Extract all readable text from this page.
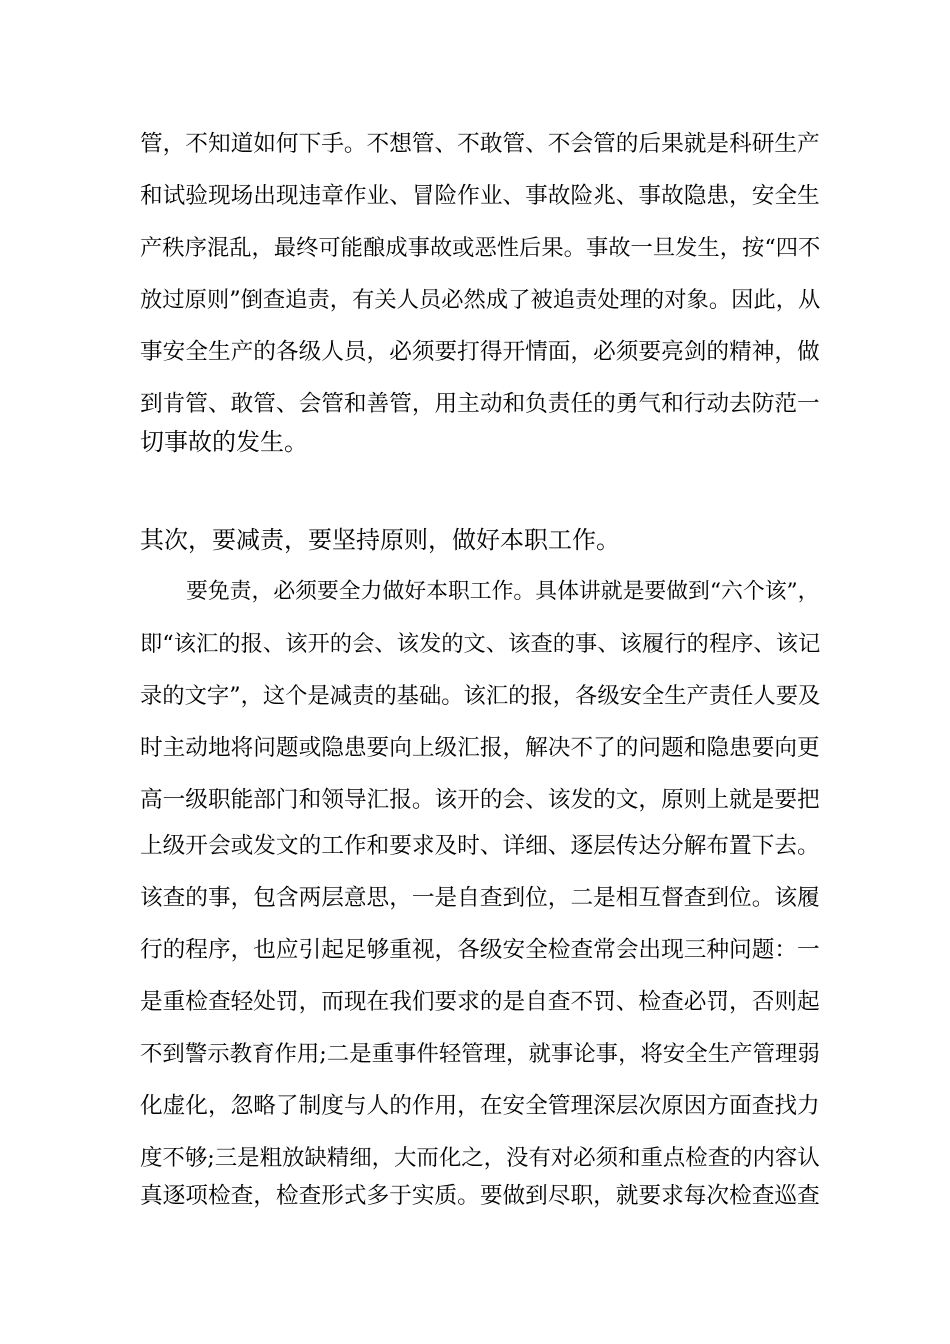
管，不知道如何下手。不想管、不敢管、不会管的后果就是科研生产

和试验现场出现违章作业、冒险作业、事故险兆、事故隐患，安全生

产秩序混乱，最终可能酿成事故或恶性后果。事故一旦发生，按“四不

放过原则”倒查追责，有关人员必然成了被追责处理的对象。因此，从

事安全生产的各级人员，必须要打得开情面，必须要亮剑的精神，做

到肯管、敢管、会管和善管，用主动和负责任的勇气和行动去防范一

切事故的发生。

其次，要减责，要坚持原则，做好本职工作。

要免责，必须要全力做好本职工作。具体讲就是要做到“六个该”，

即“该汇的报、该开的会、该发的文、该查的事、该履行的程序、该记

录的文字”，这个是减责的基础。该汇的报，各级安全生产责任人要及

时主动地将问题或隐患要向上级汇报，解决不了的问题和隐患要向更

高一级职能部门和领导汇报。该开的会、该发的文，原则上就是要把

上级开会或发文的工作和要求及时、详细、逐层传达分解布置下去。

该查的事，包含两层意思，一是自查到位，二是相互督查到位。该履

行的程序，也应引起足够重视，各级安全检查常会出现三种问题：一

是重检查轻处罚，而现在我们要求的是自查不罚、检查必罚，否则起

不到警示教育作用;二是重事件轻管理，就事论事，将安全生产管理弱

化虚化，忽略了制度与人的作用，在安全管理深层次原因方面查找力

度不够;三是粗放缺精细，大而化之，没有对必须和重点检查的内容认

真逐项检查，检查形式多于实质。要做到尽职，就要求每次检查巡查
